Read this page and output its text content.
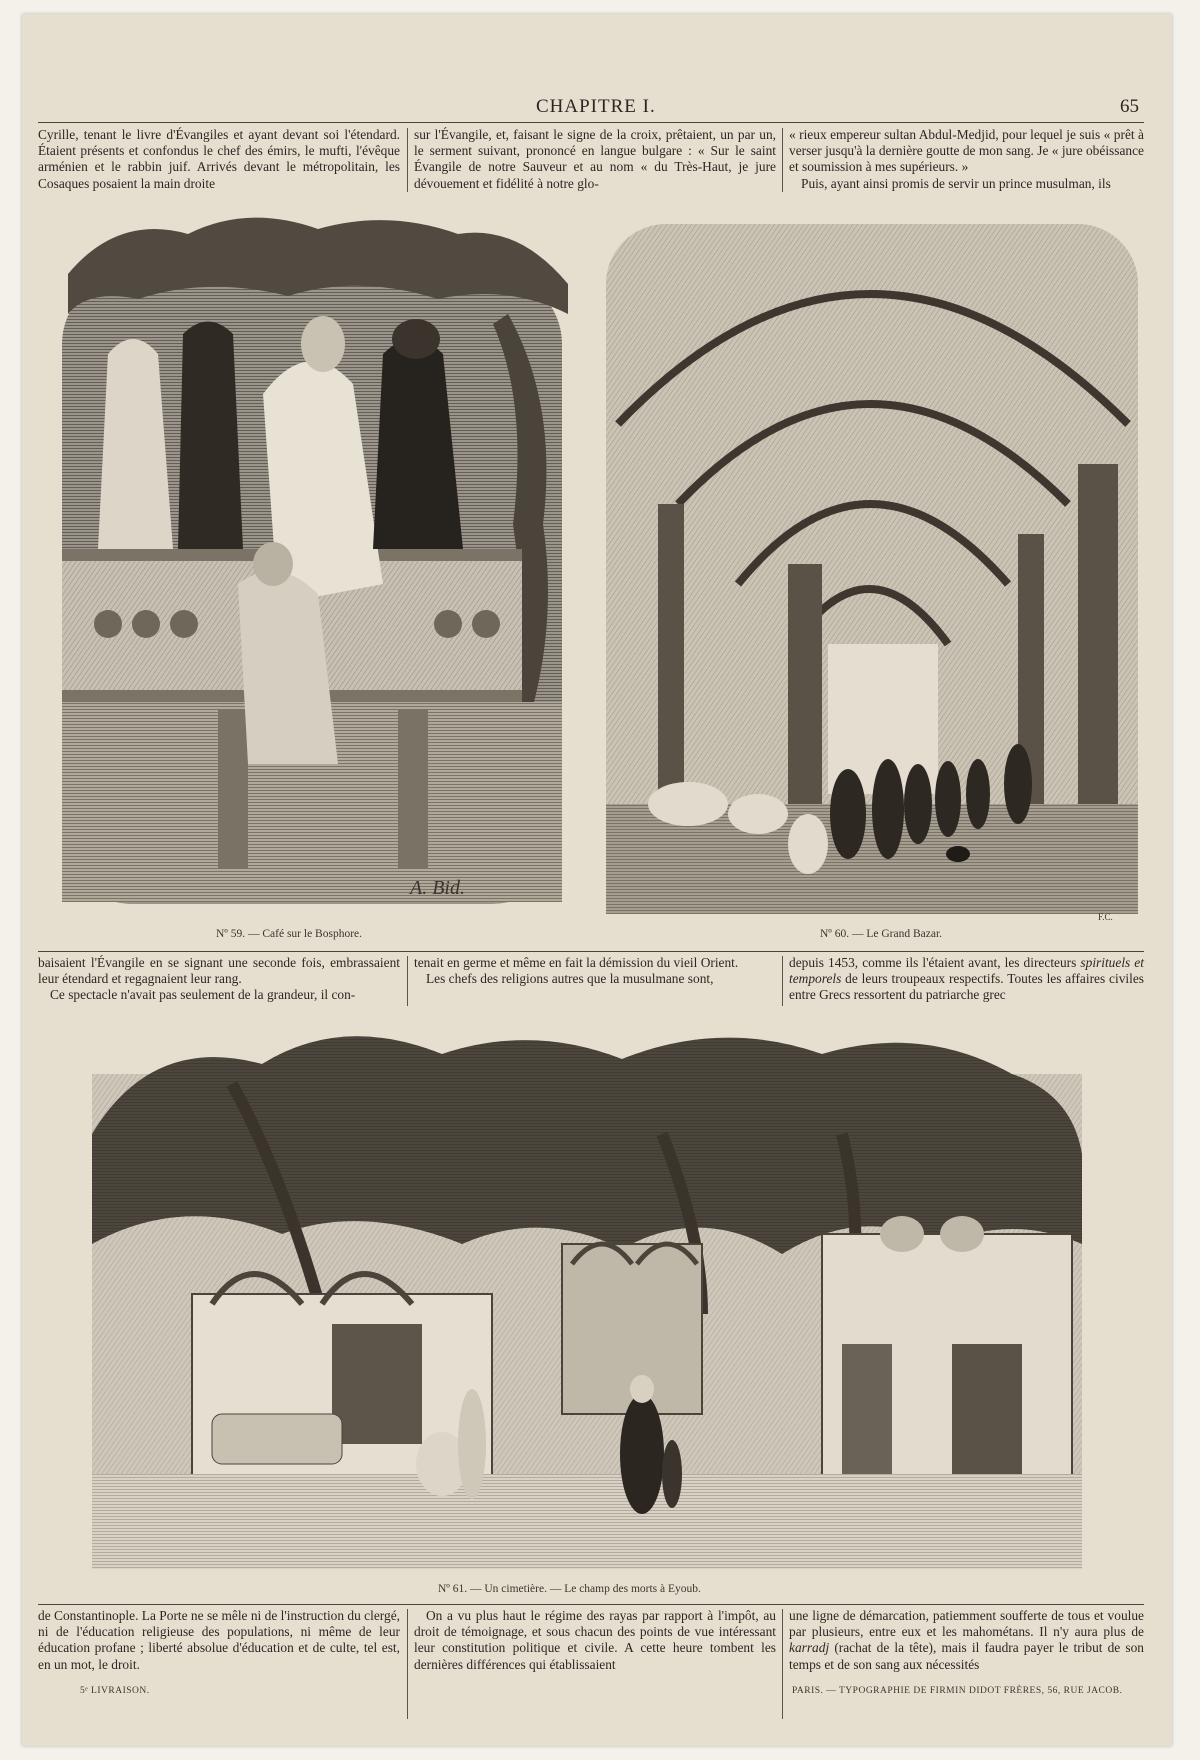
CHAPITRE I.	65

Cyrille, tenant le livre d'Évangiles et ayant devant soi l'étendard. Étaient présents et confondus le chef des émirs, le mufti, l'évêque arménien et le rabbin juif. Arrivés devant le métropolitain, les Cosaques posaient la main droite

sur l'Évangile, et, faisant le signe de la croix, prêtaient, un par un, le serment suivant, prononcé en langue bulgare : « Sur le saint Évangile de notre Sauveur et au nom « du Très-Haut, je jure dévouement et fidélité à notre glo-

« rieux empereur sultan Abdul-Medjid, pour lequel je suis « prêt à verser jusqu'à la dernière goutte de mon sang. Je « jure obéissance et soumission à mes supérieurs. »

Puis, ayant ainsi promis de servir un prince musulman, ils

A. Bid.
Nº 59. — Café sur le Bosphore.
F.C.
Nº 60. — Le Grand Bazar.

baisaient l'Évangile en se signant une seconde fois, embrassaient leur étendard et regagnaient leur rang.

Ce spectacle n'avait pas seulement de la grandeur, il con-

tenait en germe et même en fait la démission du vieil Orient.

Les chefs des religions autres que la musulmane sont,

depuis 1453, comme ils l'étaient avant, les directeurs spirituels et temporels de leurs troupeaux respectifs. Toutes les affaires civiles entre Grecs ressortent du patriarche grec

Nº 61. — Un cimetière. — Le champ des morts à Eyoub.

de Constantinople. La Porte ne se mêle ni de l'instruction du clergé, ni de l'éducation religieuse des populations, ni même de leur éducation profane ; liberté absolue d'éducation et de culte, tel est, en un mot, le droit.

On a vu plus haut le régime des rayas par rapport à l'impôt, au droit de témoignage, et sous chacun des points de vue intéressant leur constitution politique et civile. A cette heure tombent les dernières différences qui établissaient

une ligne de démarcation, patiemment soufferte de tous et voulue par plusieurs, entre eux et les mahométans. Il n'y aura plus de karradj (rachat de la tête), mais il faudra payer le tribut de son temps et de son sang aux nécessités

5ᵉ LIVRAISON.	PARIS. — TYPOGRAPHIE DE FIRMIN DIDOT FRÈRES, 56, RUE JACOB.
